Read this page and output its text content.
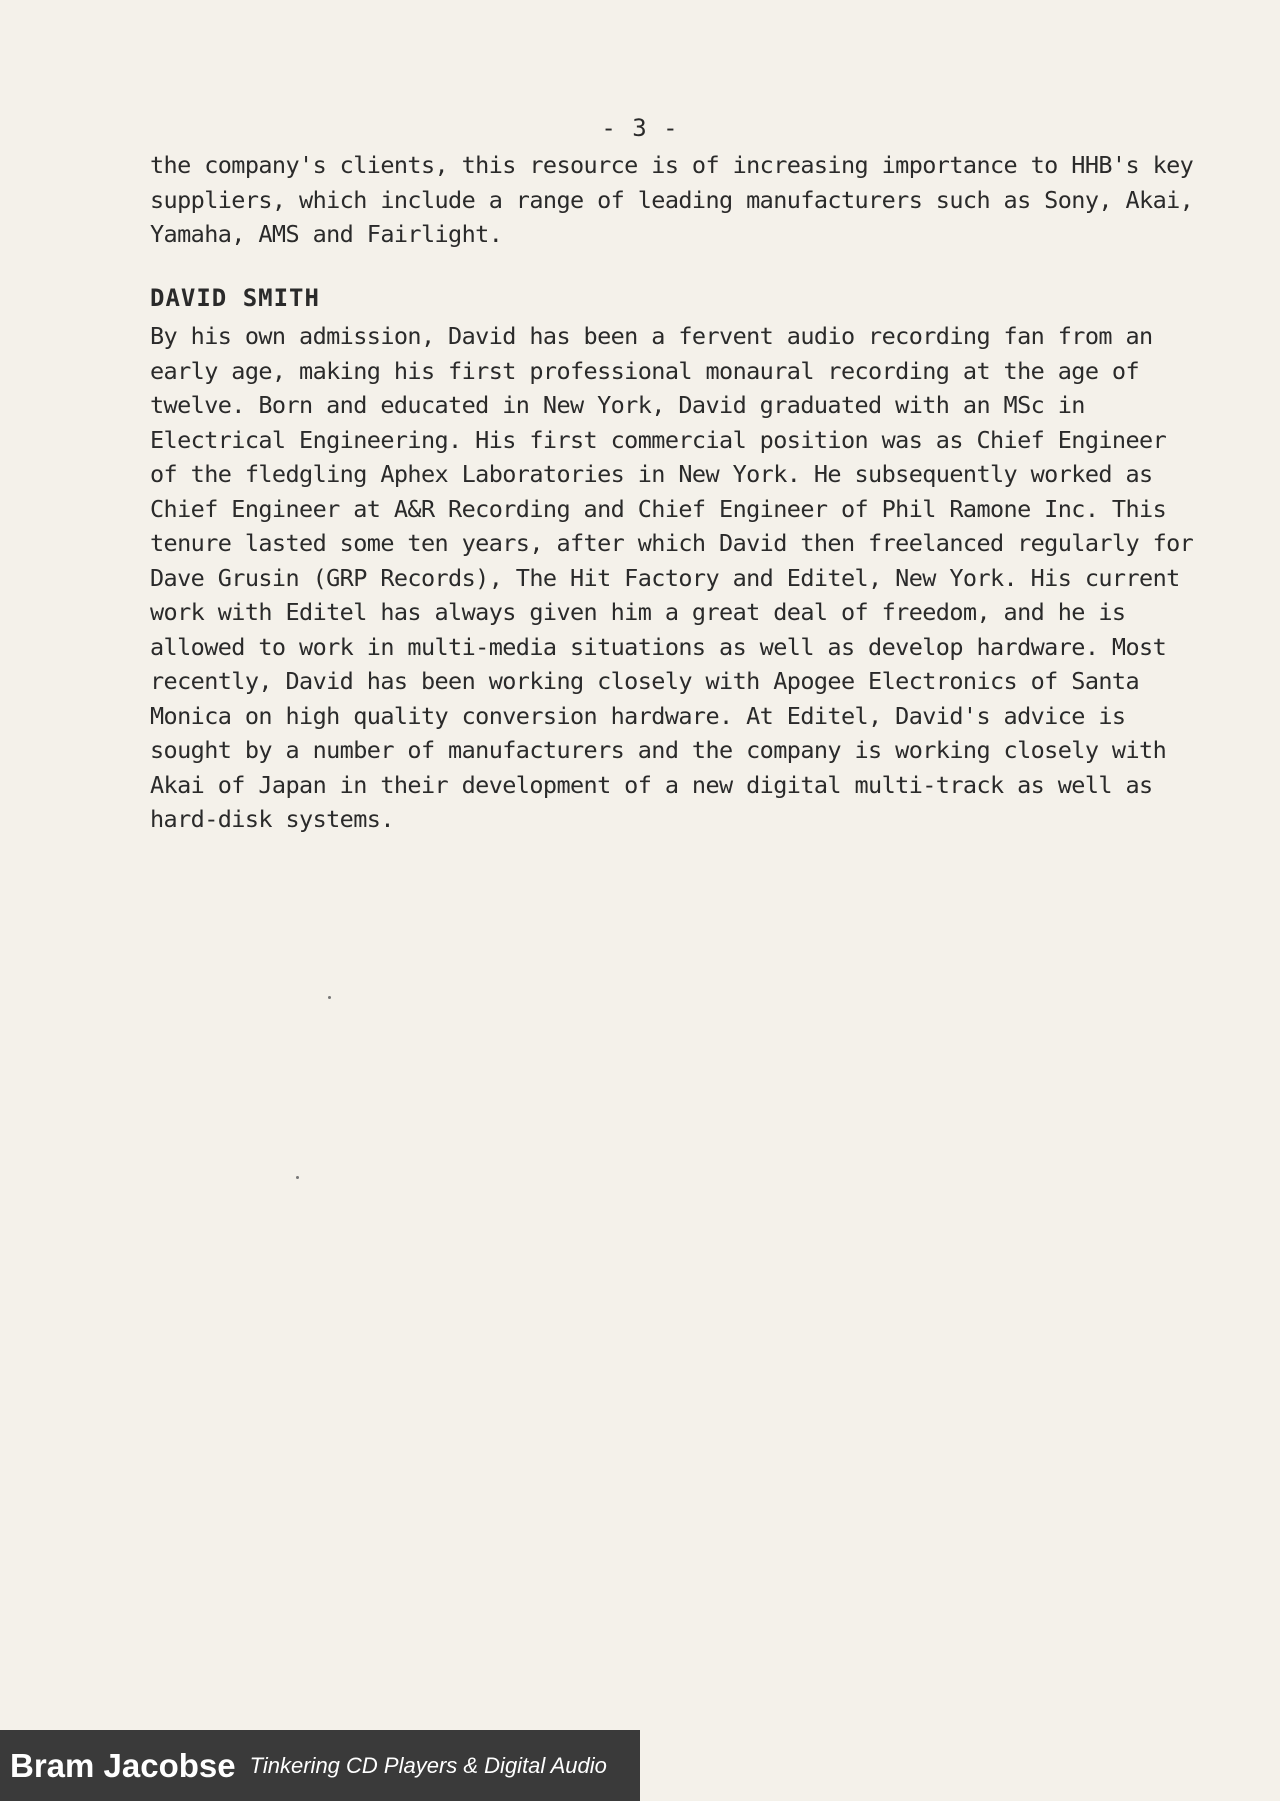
- 3 -
the company's clients, this resource is of increasing importance to HHB's key
suppliers, which include a range of leading manufacturers such as Sony, Akai,
Yamaha, AMS and Fairlight.
DAVID SMITH
By his own admission, David has been a fervent audio recording fan from an
early age, making his first professional monaural recording at the age of
twelve. Born and educated in New York, David graduated with an MSc in
Electrical Engineering. His first commercial position was as Chief Engineer
of the fledgling Aphex Laboratories in New York. He subsequently worked as
Chief Engineer at A&R Recording and Chief Engineer of Phil Ramone Inc. This
tenure lasted some ten years, after which David then freelanced regularly for
Dave Grusin (GRP Records), The Hit Factory and Editel, New York. His current
work with Editel has always given him a great deal of freedom, and he is
allowed to work in multi-media situations as well as develop hardware. Most
recently, David has been working closely with Apogee Electronics of Santa
Monica on high quality conversion hardware. At Editel, David's advice is
sought by a number of manufacturers and the company is working closely with
Akai of Japan in their development of a new digital multi-track as well as
hard-disk systems.
Bram Jacobse Tinkering CD Players & Digital Audio
